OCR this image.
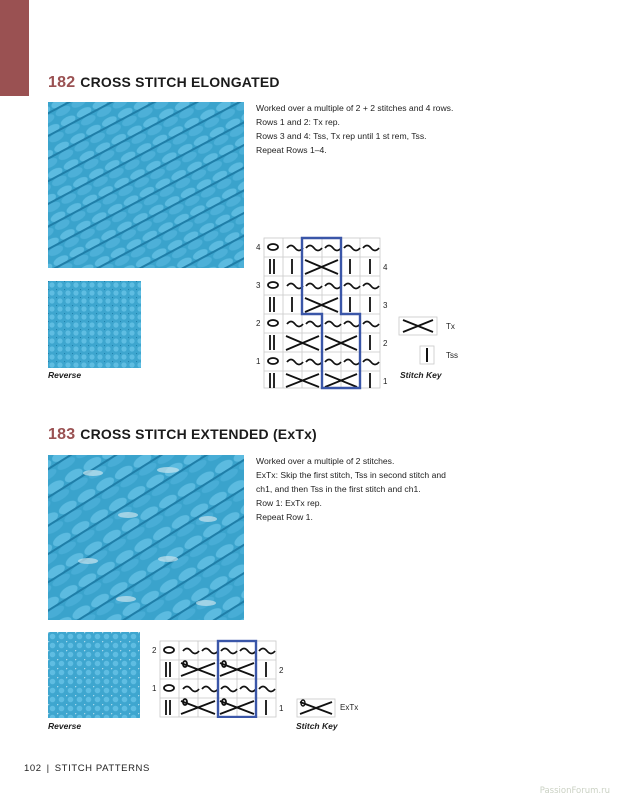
182 CROSS STITCH ELONGATED
Worked over a multiple of 2 + 2 stitches and 4 rows.
Rows 1 and 2: Tx rep.
Rows 3 and 4: Tss, Tx rep until 1 st rem, Tss.
Repeat Rows 1–4.
Reverse
4
3
2
1
4
3
2
1
Tx
Tss
Stitch Key
183 CROSS STITCH EXTENDED (ExTx)
Worked over a multiple of 2 stitches.
ExTx: Skip the first stitch, Tss in second stitch and
ch1, and then Tss in the first stitch and ch1.
Row 1: ExTx rep.
Repeat Row 1.
Reverse
2
1
2
1	ExTx
Stitch Key
102 | STITCH PATTERNS
PassionForum.ru
